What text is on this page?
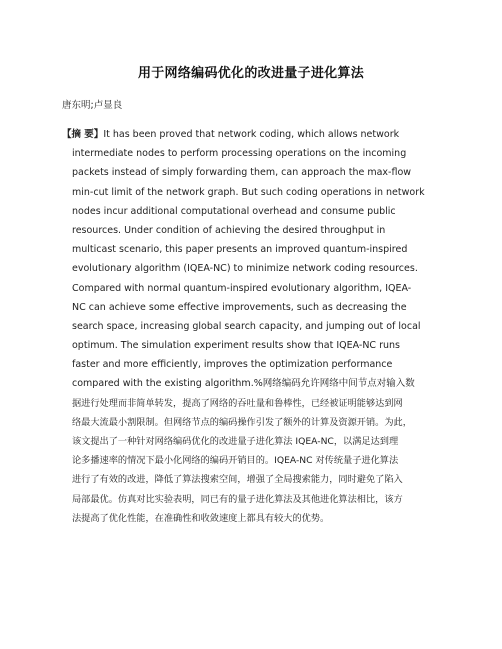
用于网络编码优化的改进量子进化算法
唐东明;卢显良
【摘 要】It has been proved that network coding, which allows network
intermediate nodes to perform processing operations on the incoming
packets instead of simply forwarding them, can approach the max-flow
min-cut limit of the network graph. But such coding operations in network
nodes incur additional computational overhead and consume public
resources. Under condition of achieving the desired throughput in
multicast scenario, this paper presents an improved quantum-inspired
evolutionary algorithm (IQEA-NC) to minimize network coding resources.
Compared with normal quantum-inspired evolutionary algorithm, IQEA-
NC can achieve some effective improvements, such as decreasing the
search space, increasing global search capacity, and jumping out of local
optimum. The simulation experiment results show that IQEA-NC runs
faster and more efficiently, improves the optimization performance
compared with the existing algorithm.%网络编码允许网络中间节点对输入数
据进行处理而非简单转发，提高了网络的吞吐量和鲁棒性，已经被证明能够达到网
络最大流最小割限制。但网络节点的编码操作引发了额外的计算及资源开销。为此，
该文提出了一种针对网络编码优化的改进量子进化算法 IQEA-NC，以满足达到理
论多播速率的情况下最小化网络的编码开销目的。IQEA-NC 对传统量子进化算法
进行了有效的改进，降低了算法搜索空间，增强了全局搜索能力，同时避免了陷入
局部最优。仿真对比实验表明，同已有的量子进化算法及其他进化算法相比，该方
法提高了优化性能，在准确性和收敛速度上都具有较大的优势。
